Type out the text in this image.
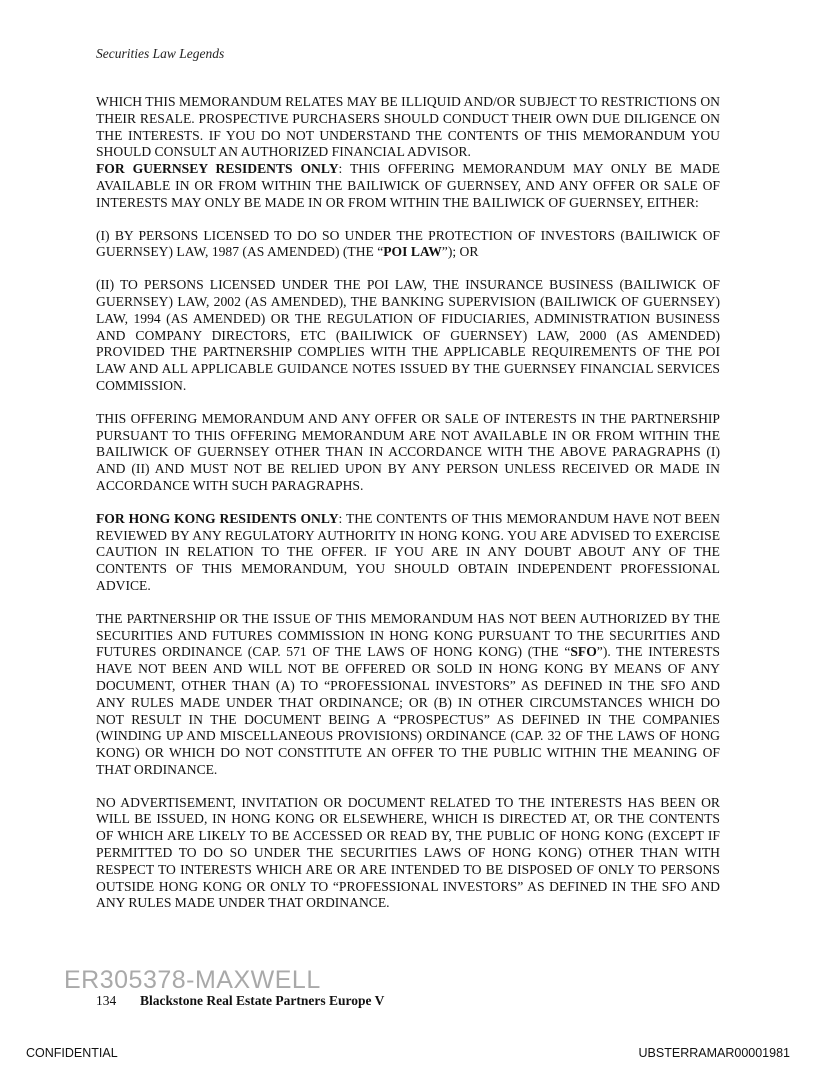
Securities Law Legends

WHICH THIS MEMORANDUM RELATES MAY BE ILLIQUID AND/OR SUBJECT TO RESTRICTIONS ON THEIR RESALE. PROSPECTIVE PURCHASERS SHOULD CONDUCT THEIR OWN DUE DILIGENCE ON THE INTERESTS. IF YOU DO NOT UNDERSTAND THE CONTENTS OF THIS MEMORANDUM YOU SHOULD CONSULT AN AUTHORIZED FINANCIAL ADVISOR.

FOR GUERNSEY RESIDENTS ONLY: THIS OFFERING MEMORANDUM MAY ONLY BE MADE AVAILABLE IN OR FROM WITHIN THE BAILIWICK OF GUERNSEY, AND ANY OFFER OR SALE OF INTERESTS MAY ONLY BE MADE IN OR FROM WITHIN THE BAILIWICK OF GUERNSEY, EITHER:

(I) BY PERSONS LICENSED TO DO SO UNDER THE PROTECTION OF INVESTORS (BAILIWICK OF GUERNSEY) LAW, 1987 (AS AMENDED) (THE “POI LAW”); OR

(II) TO PERSONS LICENSED UNDER THE POI LAW, THE INSURANCE BUSINESS (BAILIWICK OF GUERNSEY) LAW, 2002 (AS AMENDED), THE BANKING SUPERVISION (BAILIWICK OF GUERNSEY) LAW, 1994 (AS AMENDED) OR THE REGULATION OF FIDUCIARIES, ADMINISTRATION BUSINESS AND COMPANY DIRECTORS, ETC (BAILIWICK OF GUERNSEY) LAW, 2000 (AS AMENDED) PROVIDED THE PARTNERSHIP COMPLIES WITH THE APPLICABLE REQUIREMENTS OF THE POI LAW AND ALL APPLICABLE GUIDANCE NOTES ISSUED BY THE GUERNSEY FINANCIAL SERVICES COMMISSION.

THIS OFFERING MEMORANDUM AND ANY OFFER OR SALE OF INTERESTS IN THE PARTNERSHIP PURSUANT TO THIS OFFERING MEMORANDUM ARE NOT AVAILABLE IN OR FROM WITHIN THE BAILIWICK OF GUERNSEY OTHER THAN IN ACCORDANCE WITH THE ABOVE PARAGRAPHS (I) AND (II) AND MUST NOT BE RELIED UPON BY ANY PERSON UNLESS RECEIVED OR MADE IN ACCORDANCE WITH SUCH PARAGRAPHS.

FOR HONG KONG RESIDENTS ONLY: THE CONTENTS OF THIS MEMORANDUM HAVE NOT BEEN REVIEWED BY ANY REGULATORY AUTHORITY IN HONG KONG. YOU ARE ADVISED TO EXERCISE CAUTION IN RELATION TO THE OFFER. IF YOU ARE IN ANY DOUBT ABOUT ANY OF THE CONTENTS OF THIS MEMORANDUM, YOU SHOULD OBTAIN INDEPENDENT PROFESSIONAL ADVICE.

THE PARTNERSHIP OR THE ISSUE OF THIS MEMORANDUM HAS NOT BEEN AUTHORIZED BY THE SECURITIES AND FUTURES COMMISSION IN HONG KONG PURSUANT TO THE SECURITIES AND FUTURES ORDINANCE (CAP. 571 OF THE LAWS OF HONG KONG) (THE “SFO”). THE INTERESTS HAVE NOT BEEN AND WILL NOT BE OFFERED OR SOLD IN HONG KONG BY MEANS OF ANY DOCUMENT, OTHER THAN (A) TO “PROFESSIONAL INVESTORS” AS DEFINED IN THE SFO AND ANY RULES MADE UNDER THAT ORDINANCE; OR (B) IN OTHER CIRCUMSTANCES WHICH DO NOT RESULT IN THE DOCUMENT BEING A “PROSPECTUS” AS DEFINED IN THE COMPANIES (WINDING UP AND MISCELLANEOUS PROVISIONS) ORDINANCE (CAP. 32 OF THE LAWS OF HONG KONG) OR WHICH DO NOT CONSTITUTE AN OFFER TO THE PUBLIC WITHIN THE MEANING OF THAT ORDINANCE.

NO ADVERTISEMENT, INVITATION OR DOCUMENT RELATED TO THE INTERESTS HAS BEEN OR WILL BE ISSUED, IN HONG KONG OR ELSEWHERE, WHICH IS DIRECTED AT, OR THE CONTENTS OF WHICH ARE LIKELY TO BE ACCESSED OR READ BY, THE PUBLIC OF HONG KONG (EXCEPT IF PERMITTED TO DO SO UNDER THE SECURITIES LAWS OF HONG KONG) OTHER THAN WITH RESPECT TO INTERESTS WHICH ARE OR ARE INTENDED TO BE DISPOSED OF ONLY TO PERSONS OUTSIDE HONG KONG OR ONLY TO “PROFESSIONAL INVESTORS” AS DEFINED IN THE SFO AND ANY RULES MADE UNDER THAT ORDINANCE.

ER305378-MAXWELL
134 Blackstone Real Estate Partners Europe V
CONFIDENTIAL	UBSTERRAMAR00001981
